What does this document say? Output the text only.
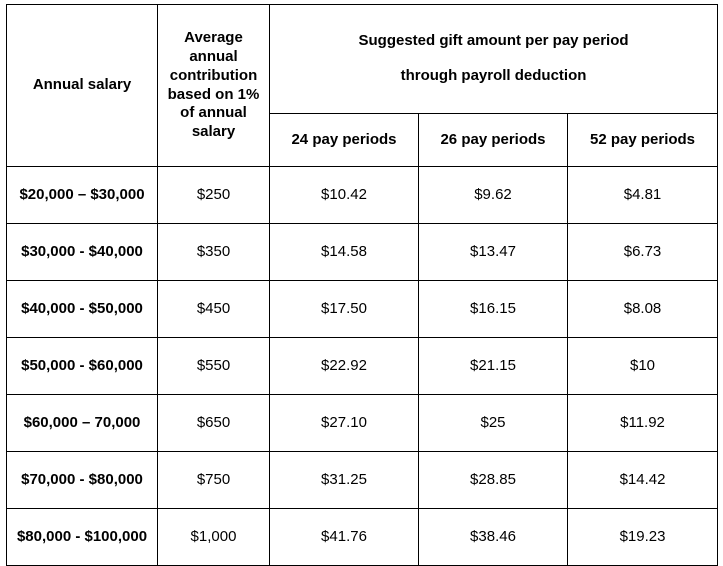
Annual salary	Average annual contribution based on 1% of annual salary	Suggested gift amount per pay period
through payroll deduction		
		24 pay periods	26 pay periods	52 pay periods
$20,000 – $30,000	$250	$10.42	$9.62	$4.81
$30,000 - $40,000	$350	$14.58	$13.47	$6.73
$40,000 - $50,000	$450	$17.50	$16.15	$8.08
$50,000 - $60,000	$550	$22.92	$21.15	$10
$60,000 – 70,000	$650	$27.10	$25	$11.92
$70,000 - $80,000	$750	$31.25	$28.85	$14.42
$80,000 - $100,000	$1,000	$41.76	$38.46	$19.23
